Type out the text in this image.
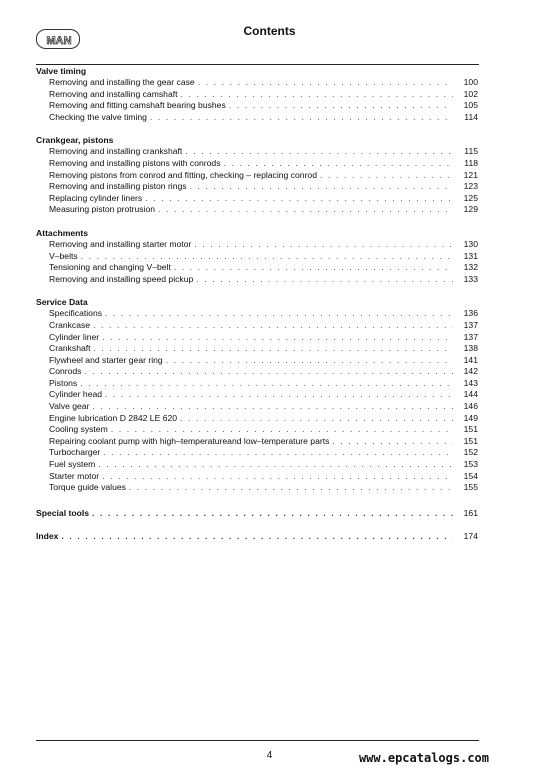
MAN
Contents
Valve timing
Removing and installing the gear case . . .	100
Removing and installing camshaft . . .	102
Removing and fitting camshaft bearing bushes . . .	105
Checking the valve timing . . .	114
Crankgear, pistons
Removing and installing crankshaft . . .	115
Removing and installing pistons with conrods . . .	118
Removing pistons from conrod and fitting, checking – replacing conrod . . .	121
Removing and installing piston rings . . .	123
Replacing cylinder liners . . .	125
Measuring piston protrusion . . .	129
Attachments
Removing and installing starter motor . . .	130
V–belts . . .	131
Tensioning and changing V–belt . . .	132
Removing and installing speed pickup . . .	133
Service Data
Specifications . . .	136
Crankcase . . .	137
Cylinder liner . . .	137
Crankshaft . . .	138
Flywheel and starter gear ring . . .	141
Conrods . . .	142
Pistons . . .	143
Cylinder head . . .	144
Valve gear . . .	146
Engine lubrication D 2842 LE 620 . . .	149
Cooling system . . .	151
Repairing coolant pump with high–temperatureand low–temperature parts . . .	151
Turbocharger . . .	152
Fuel system . . .	153
Starter motor . . .	154
Torque guide values . . .	155
Special tools . . .	161
Index . . .	174
4	www.epcatalogs.com
